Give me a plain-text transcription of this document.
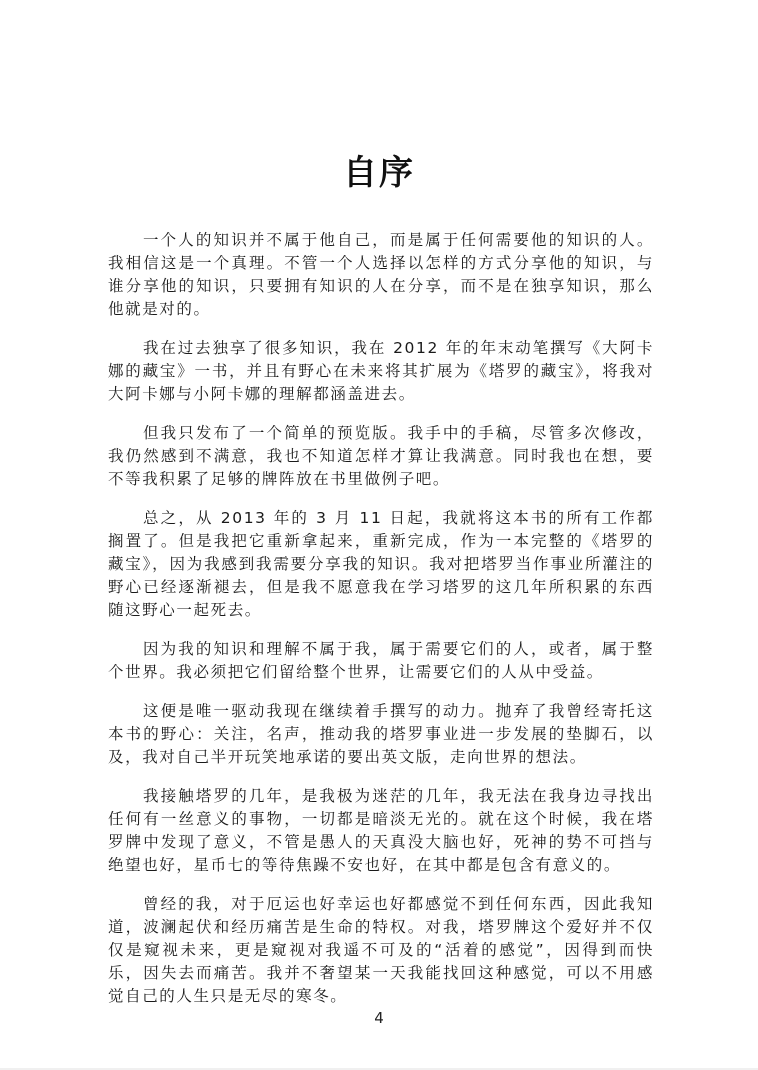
自序

一个人的知识并不属于他自己，而是属于任何需要他的知识的人。我相信这是一个真理。不管一个人选择以怎样的方式分享他的知识，与谁分享他的知识，只要拥有知识的人在分享，而不是在独享知识，那么他就是对的。

我在过去独享了很多知识，我在 2012 年的年末动笔撰写《大阿卡娜的藏宝》一书，并且有野心在未来将其扩展为《塔罗的藏宝》，将我对大阿卡娜与小阿卡娜的理解都涵盖进去。

但我只发布了一个简单的预览版。我手中的手稿，尽管多次修改，我仍然感到不满意，我也不知道怎样才算让我满意。同时我也在想，要不等我积累了足够的牌阵放在书里做例子吧。

总之，从 2013 年的 3 月 11 日起，我就将这本书的所有工作都搁置了。但是我把它重新拿起来，重新完成，作为一本完整的《塔罗的藏宝》，因为我感到我需要分享我的知识。我对把塔罗当作事业所灌注的野心已经逐渐褪去，但是我不愿意我在学习塔罗的这几年所积累的东西随这野心一起死去。

因为我的知识和理解不属于我，属于需要它们的人，或者，属于整个世界。我必须把它们留给整个世界，让需要它们的人从中受益。

这便是唯一驱动我现在继续着手撰写的动力。抛弃了我曾经寄托这本书的野心：关注，名声，推动我的塔罗事业进一步发展的垫脚石，以及，我对自己半开玩笑地承诺的要出英文版，走向世界的想法。

我接触塔罗的几年，是我极为迷茫的几年，我无法在我身边寻找出任何有一丝意义的事物，一切都是暗淡无光的。就在这个时候，我在塔罗牌中发现了意义，不管是愚人的天真没大脑也好，死神的势不可挡与绝望也好，星币七的等待焦躁不安也好，在其中都是包含有意义的。

曾经的我，对于厄运也好幸运也好都感觉不到任何东西，因此我知道，波澜起伏和经历痛苦是生命的特权。对我，塔罗牌这个爱好并不仅仅是窥视未来，更是窥视对我遥不可及的“活着的感觉”，因得到而快乐，因失去而痛苦。我并不奢望某一天我能找回这种感觉，可以不用感觉自己的人生只是无尽的寒冬。

4
